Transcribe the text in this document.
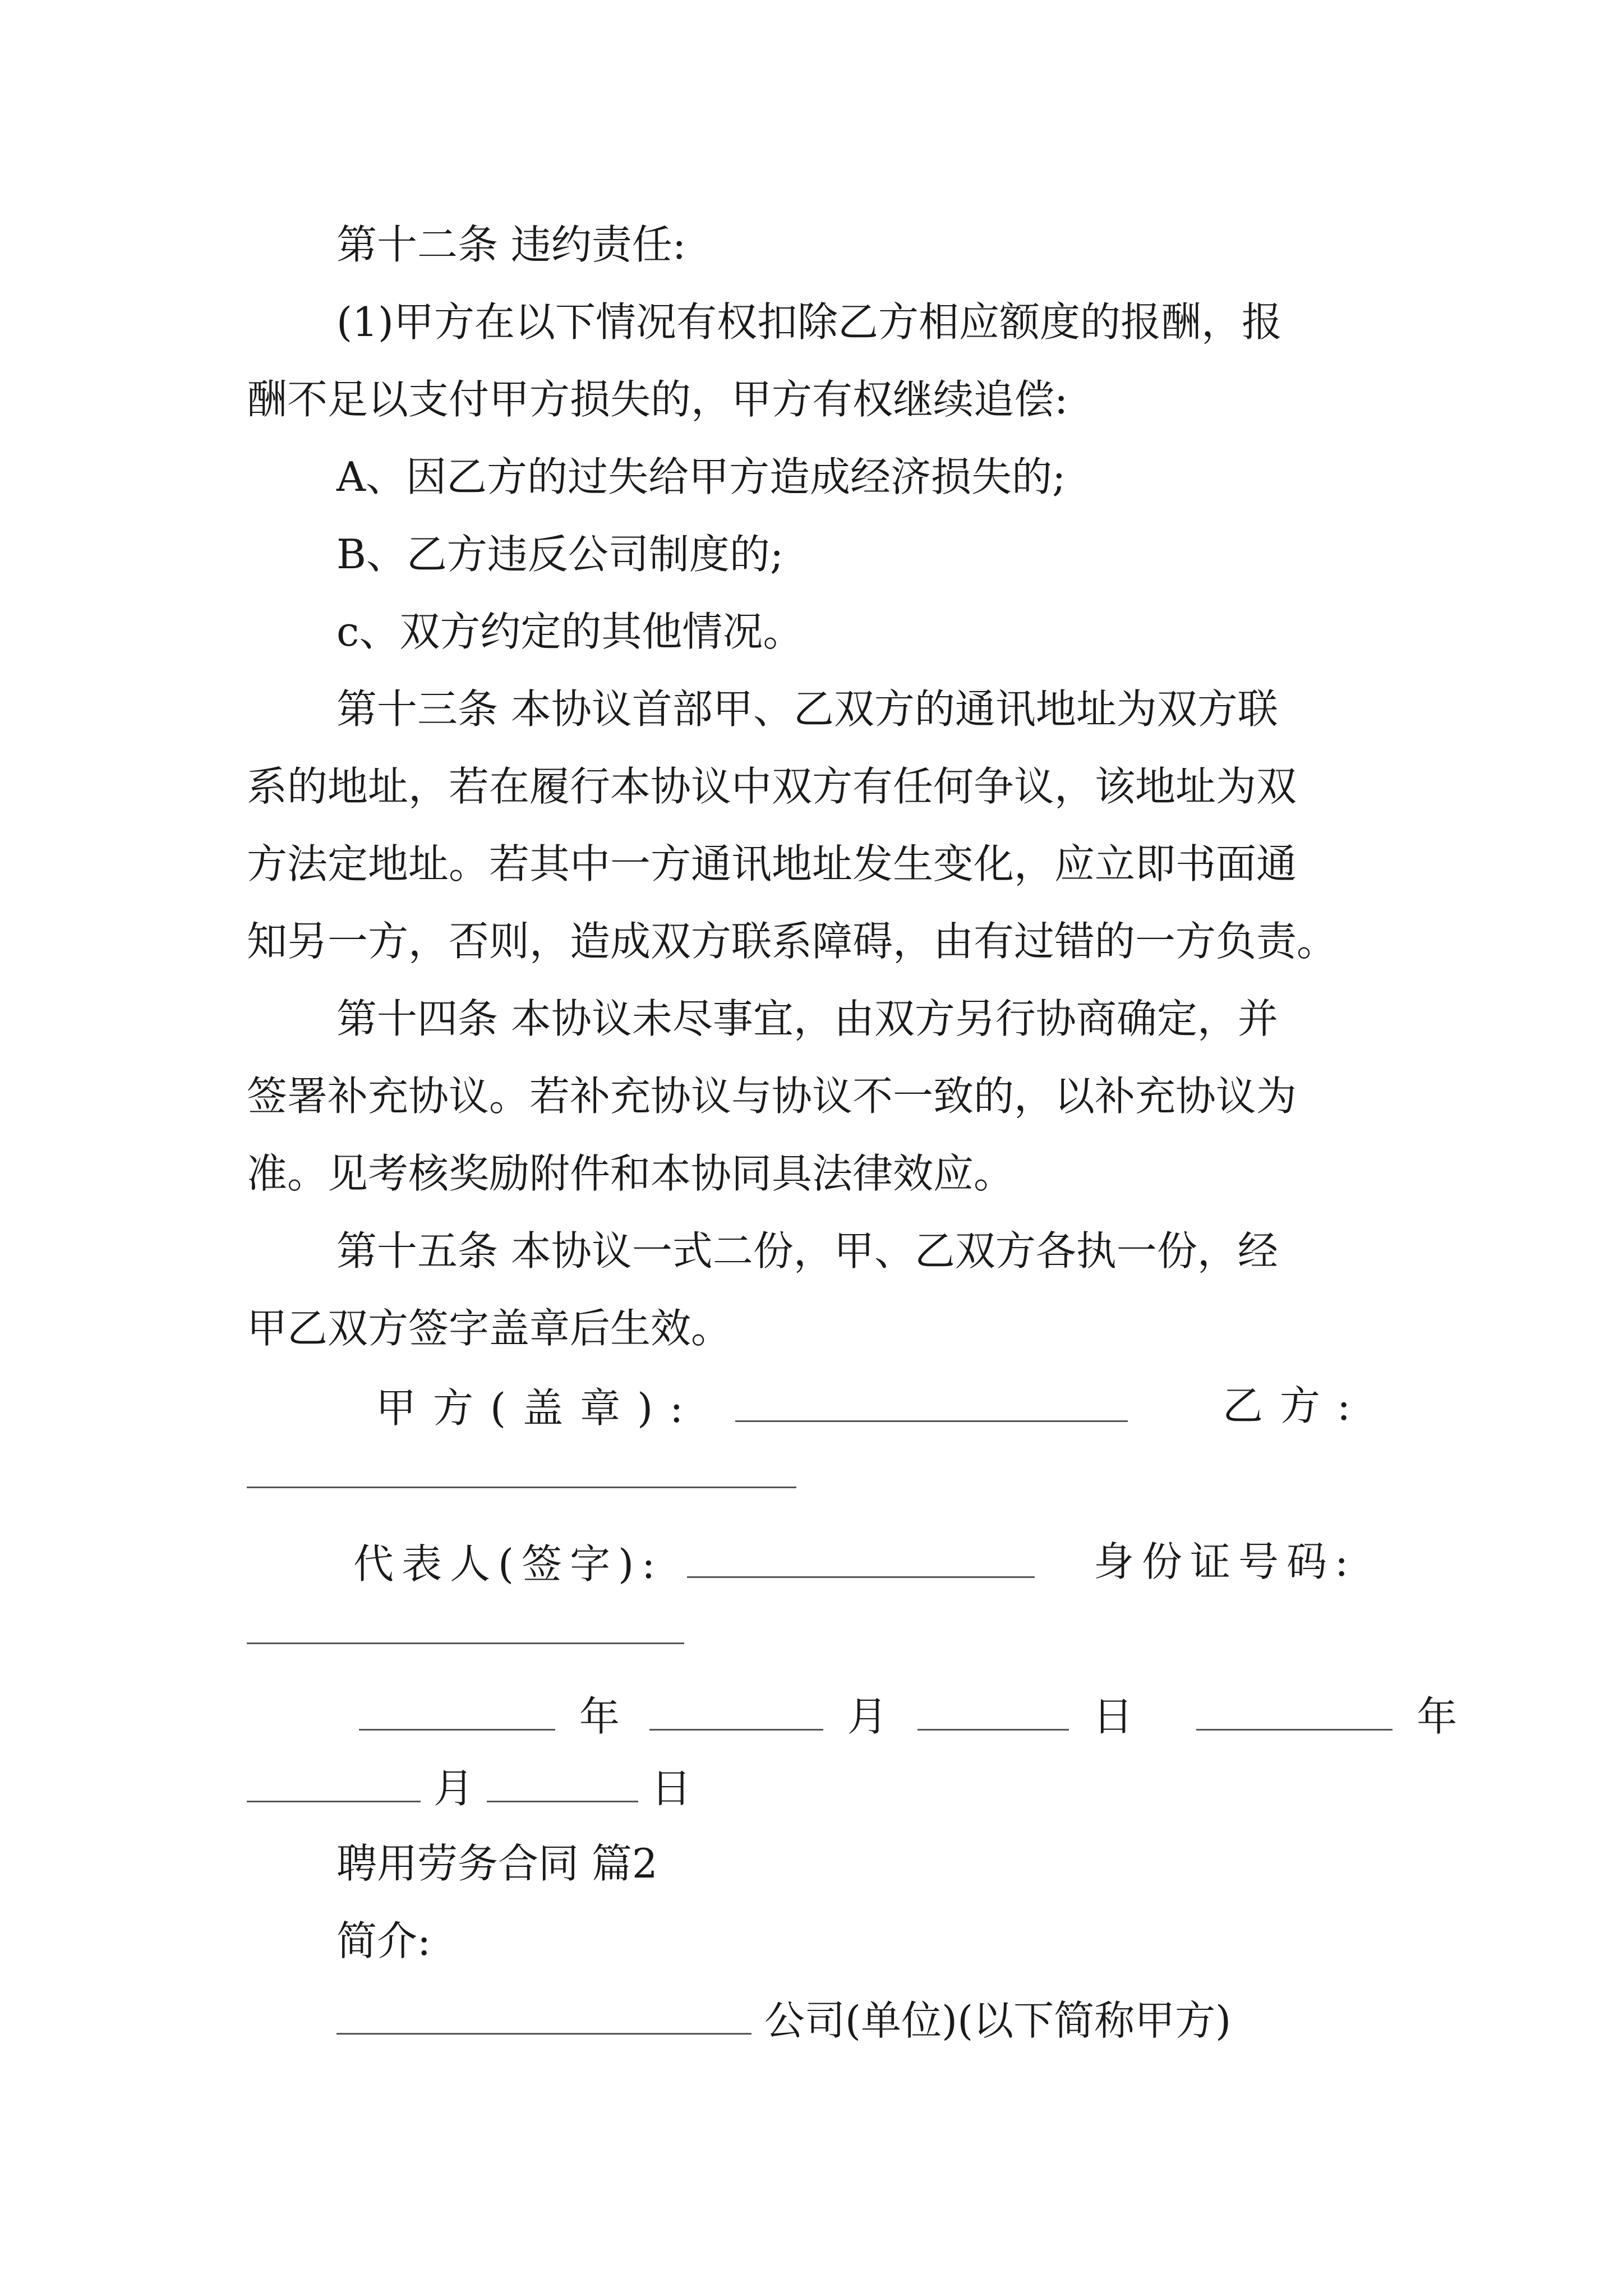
第十二条 违约责任:
(1)甲方在以下情况有权扣除乙方相应额度的报酬，报
酬不足以支付甲方损失的，甲方有权继续追偿:
A、因乙方的过失给甲方造成经济损失的;
B、乙方违反公司制度的;
c、双方约定的其他情况。
第十三条 本协议首部甲、乙双方的通讯地址为双方联
系的地址，若在履行本协议中双方有任何争议，该地址为双
方法定地址。若其中一方通讯地址发生变化，应立即书面通
知另一方，否则，造成双方联系障碍，由有过错的一方负责。
第十四条 本协议未尽事宜，由双方另行协商确定，并
签署补充协议。若补充协议与协议不一致的，以补充协议为
准。见考核奖励附件和本协同具法律效应。
第十五条 本协议一式二份，甲、乙双方各执一份，经
甲乙双方签字盖章后生效。
甲方(盖章):	乙方:
代表人(签字):	身份证号码:
年	月	日	年
月	日
聘用劳务合同 篇2
简介:
公司(单位)(以下简称甲方)
